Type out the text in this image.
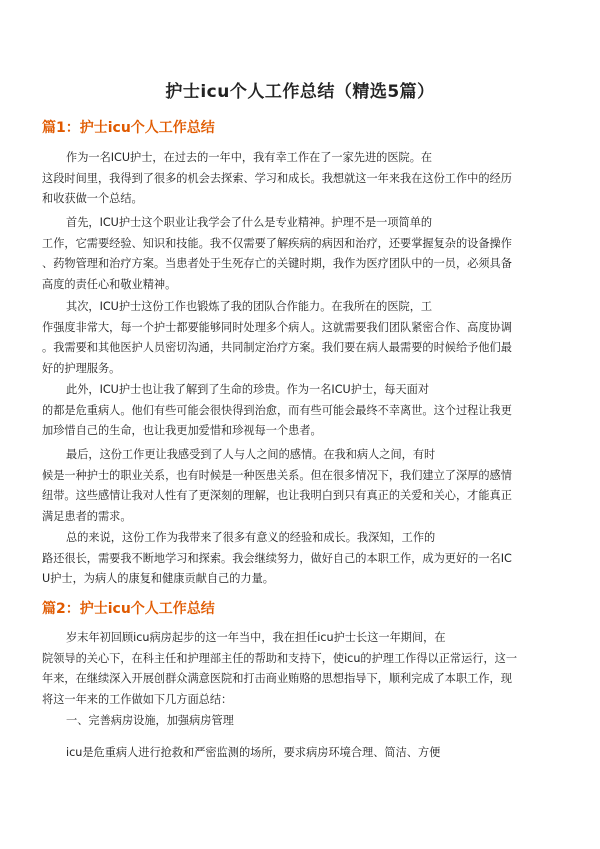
护士icu个人工作总结（精选5篇）
篇1：护士icu个人工作总结
作为一名ICU护士，在过去的一年中，我有幸工作在了一家先进的医院。在
这段时间里，我得到了很多的机会去探索、学习和成长。我想就这一年来我在这份工作中的经历
和收获做一个总结。
首先，ICU护士这个职业让我学会了什么是专业精神。护理不是一项简单的
工作，它需要经验、知识和技能。我不仅需要了解疾病的病因和治疗，还要掌握复杂的设备操作
、药物管理和治疗方案。当患者处于生死存亡的关键时期，我作为医疗团队中的一员，必须具备
高度的责任心和敬业精神。
其次，ICU护士这份工作也锻炼了我的团队合作能力。在我所在的医院，工
作强度非常大，每一个护士都要能够同时处理多个病人。这就需要我们团队紧密合作、高度协调
。我需要和其他医护人员密切沟通，共同制定治疗方案。我们要在病人最需要的时候给予他们最
好的护理服务。
此外，ICU护士也让我了解到了生命的珍贵。作为一名ICU护士，每天面对
的都是危重病人。他们有些可能会很快得到治愈，而有些可能会最终不幸离世。这个过程让我更
加珍惜自己的生命，也让我更加爱惜和珍视每一个患者。
最后，这份工作更让我感受到了人与人之间的感情。在我和病人之间，有时
候是一种护士的职业关系，也有时候是一种医患关系。但在很多情况下，我们建立了深厚的感情
纽带。这些感情让我对人性有了更深刻的理解，也让我明白到只有真正的关爱和关心，才能真正
满足患者的需求。
总的来说，这份工作为我带来了很多有意义的经验和成长。我深知，工作的
路还很长，需要我不断地学习和探索。我会继续努力，做好自己的本职工作，成为更好的一名IC
U护士，为病人的康复和健康贡献自己的力量。
篇2：护士icu个人工作总结
岁末年初回顾icu病房起步的这一年当中，我在担任icu护士长这一年期间，在
院领导的关心下，在科主任和护理部主任的帮助和支持下，使icu的护理工作得以正常运行，这一
年来，在继续深入开展创群众满意医院和打击商业贿赂的思想指导下，顺利完成了本职工作，现
将这一年来的工作做如下几方面总结：
一、完善病房设施，加强病房管理
icu是危重病人进行抢救和严密监测的场所，要求病房环境合理、简洁、方便
